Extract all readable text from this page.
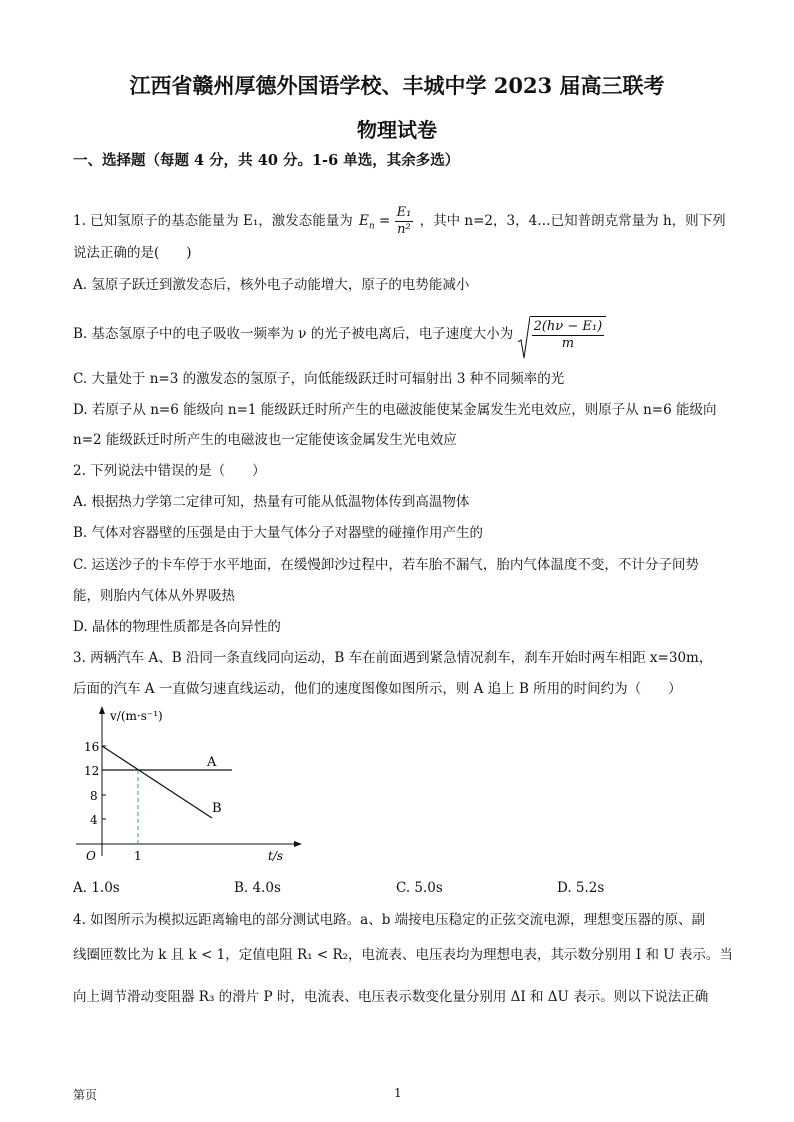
江西省赣州厚德外国语学校、丰城中学 2023 届高三联考
物理试卷
一、选择题（每题 4 分，共 40 分。1-6 单选，其余多选）
1. 已知氢原子的基态能量为 E₁，激发态能量为 $E_n = \frac{\text{E₁}}{\text{n²}}$ ，其中 n=2，3，4…已知普朗克常量为 h，则下列
说法正确的是(　　)
A. 氢原子跃迁到激发态后，核外电子动能增大，原子的电势能减小
B. 基态氢原子中的电子吸收一频率为 ν 的光子被电离后，电子速度大小为 $\frac{\text{2(hν − E₁)}}{m}$
C. 大量处于 n=3 的激发态的氢原子，向低能级跃迁时可辐射出 3 种不同频率的光
D. 若原子从 n=6 能级向 n=1 能级跃迁时所产生的电磁波能使某金属发生光电效应，则原子从 n=6 能级向
n=2 能级跃迁时所产生的电磁波也一定能使该金属发生光电效应
2. 下列说法中错误的是（　　）
A. 根据热力学第二定律可知，热量有可能从低温物体传到高温物体
B. 气体对容器壁的压强是由于大量气体分子对器壁的碰撞作用产生的
C. 运送沙子的卡车停于水平地面，在缓慢卸沙过程中，若车胎不漏气，胎内气体温度不变，不计分子间势
能，则胎内气体从外界吸热
D. 晶体的物理性质都是各向异性的
3. 两辆汽车 A、B 沿同一条直线同向运动，B 车在前面遇到紧急情况刹车，刹车开始时两车相距 x=30m，
后面的汽车 A 一直做匀速直线运动，他们的速度图像如图所示，则 A 追上 B 所用的时间约为（　　）
v/(m·s⁻¹)
t/s
O
16
12
8
4
1
A
B
A. 1.0s	B. 4.0s	C. 5.0s	D. 5.2s
4. 如图所示为模拟远距离输电的部分测试电路。a、b 端接电压稳定的正弦交流电源，理想变压器的原、副
线圈匝数比为 k 且 k < 1，定值电阻 R₁ < R₂，电流表、电压表均为理想电表，其示数分别用 I 和 U 表示。当
向上调节滑动变阻器 R₃ 的滑片 P 时，电流表、电压表示数变化量分别用 ΔI 和 ΔU 表示。则以下说法正确
第页	1
